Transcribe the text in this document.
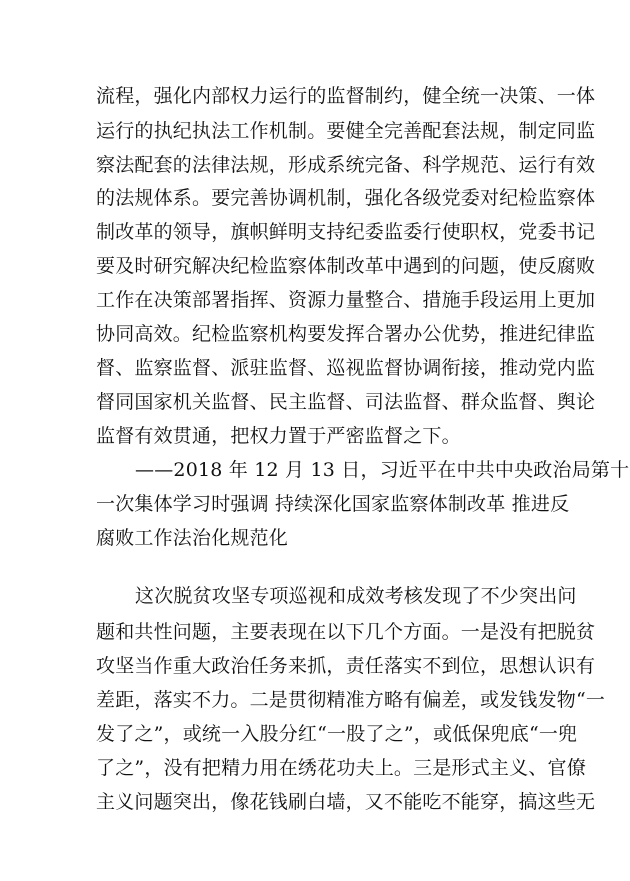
流程，强化内部权力运行的监督制约，健全统一决策、一体
运行的执纪执法工作机制。要健全完善配套法规，制定同监
察法配套的法律法规，形成系统完备、科学规范、运行有效
的法规体系。要完善协调机制，强化各级党委对纪检监察体
制改革的领导，旗帜鲜明支持纪委监委行使职权，党委书记
要及时研究解决纪检监察体制改革中遇到的问题，使反腐败
工作在决策部署指挥、资源力量整合、措施手段运用上更加
协同高效。纪检监察机构要发挥合署办公优势，推进纪律监
督、监察监督、派驻监督、巡视监督协调衔接，推动党内监
督同国家机关监督、民主监督、司法监督、群众监督、舆论
监督有效贯通，把权力置于严密监督之下。
——2018 年 12 月 13 日，习近平在中共中央政治局第十
一次集体学习时强调 持续深化国家监察体制改革 推进反
腐败工作法治化规范化
这次脱贫攻坚专项巡视和成效考核发现了不少突出问
题和共性问题，主要表现在以下几个方面。一是没有把脱贫
攻坚当作重大政治任务来抓，责任落实不到位，思想认识有
差距，落实不力。二是贯彻精准方略有偏差，或发钱发物“一
发了之”，或统一入股分红“一股了之”，或低保兜底“一兜
了之”，没有把精力用在绣花功夫上。三是形式主义、官僚
主义问题突出，像花钱刷白墙，又不能吃不能穿，搞这些无
